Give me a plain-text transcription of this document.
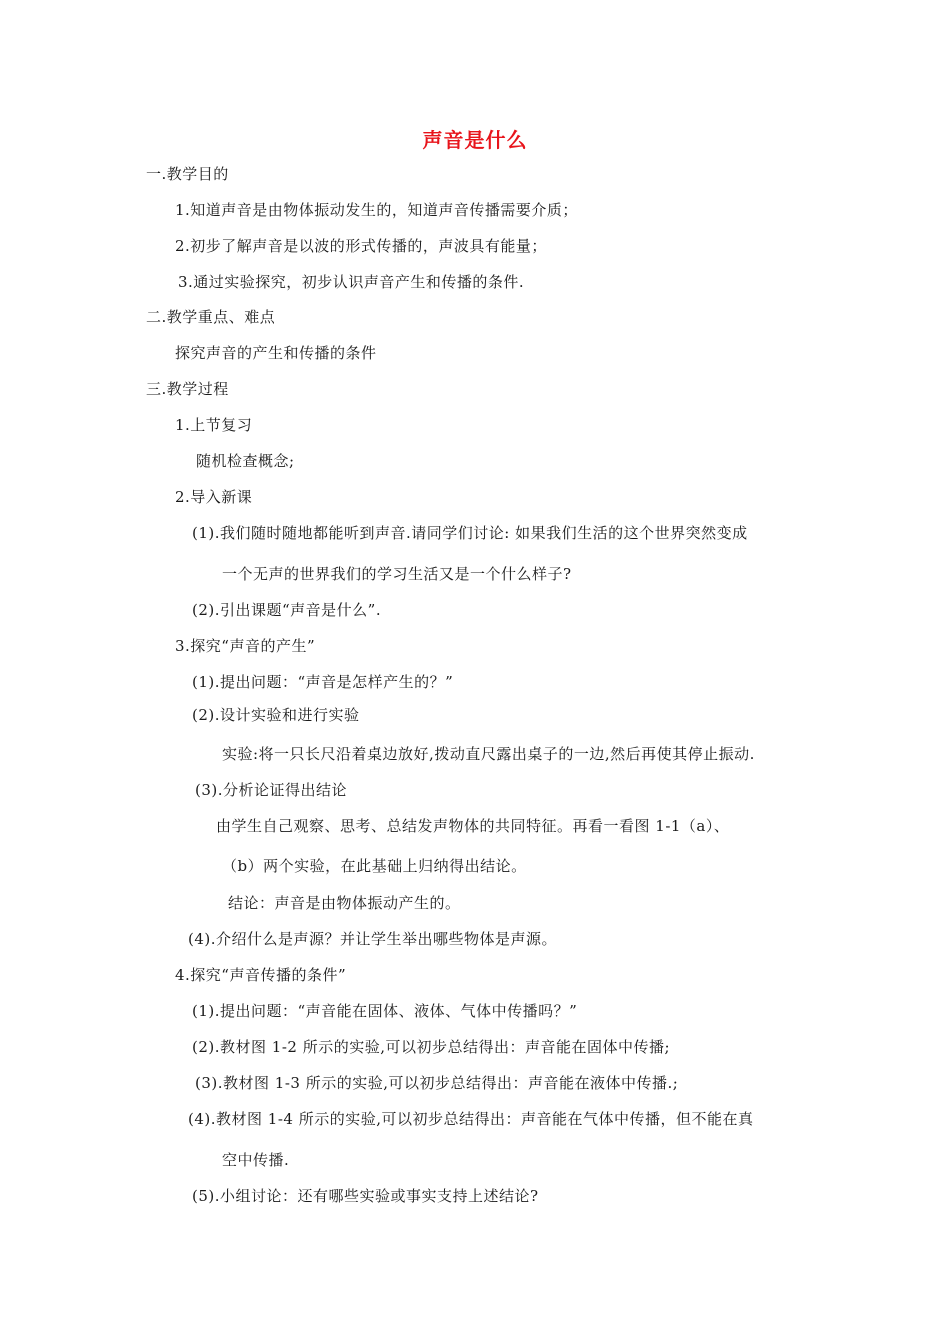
声音是什么
一.教学目的
1.知道声音是由物体振动发生的，知道声音传播需要介质；
2.初步了解声音是以波的形式传播的，声波具有能量；
3.通过实验探究，初步认识声音产生和传播的条件.
二.教学重点、难点
探究声音的产生和传播的条件
三.教学过程
1.上节复习
随机检查概念;
2.导入新课
(1).我们随时随地都能听到声音.请同学们讨论: 如果我们生活的这个世界突然变成
一个无声的世界我们的学习生活又是一个什么样子?
(2).引出课题“声音是什么”.
3.探究“声音的产生”
(1).提出问题：“声音是怎样产生的？”
(2).设计实验和进行实验
实验:将一只长尺沿着桌边放好,拨动直尺露出桌子的一边,然后再使其停止振动.
(3).分析论证得出结论
由学生自己观察、思考、总结发声物体的共同特征。再看一看图 1-1（a）、
（b）两个实验，在此基础上归纳得出结论。
结论：声音是由物体振动产生的。
(4).介绍什么是声源？并让学生举出哪些物体是声源。
4.探究“声音传播的条件”
(1).提出问题：“声音能在固体、液体、气体中传播吗？”
(2).教材图 1-2 所示的实验,可以初步总结得出：声音能在固体中传播;
(3).教材图 1-3 所示的实验,可以初步总结得出：声音能在液体中传播.;
(4).教材图 1-4 所示的实验,可以初步总结得出：声音能在气体中传播，但不能在真
空中传播.
(5).小组讨论：还有哪些实验或事实支持上述结论?
